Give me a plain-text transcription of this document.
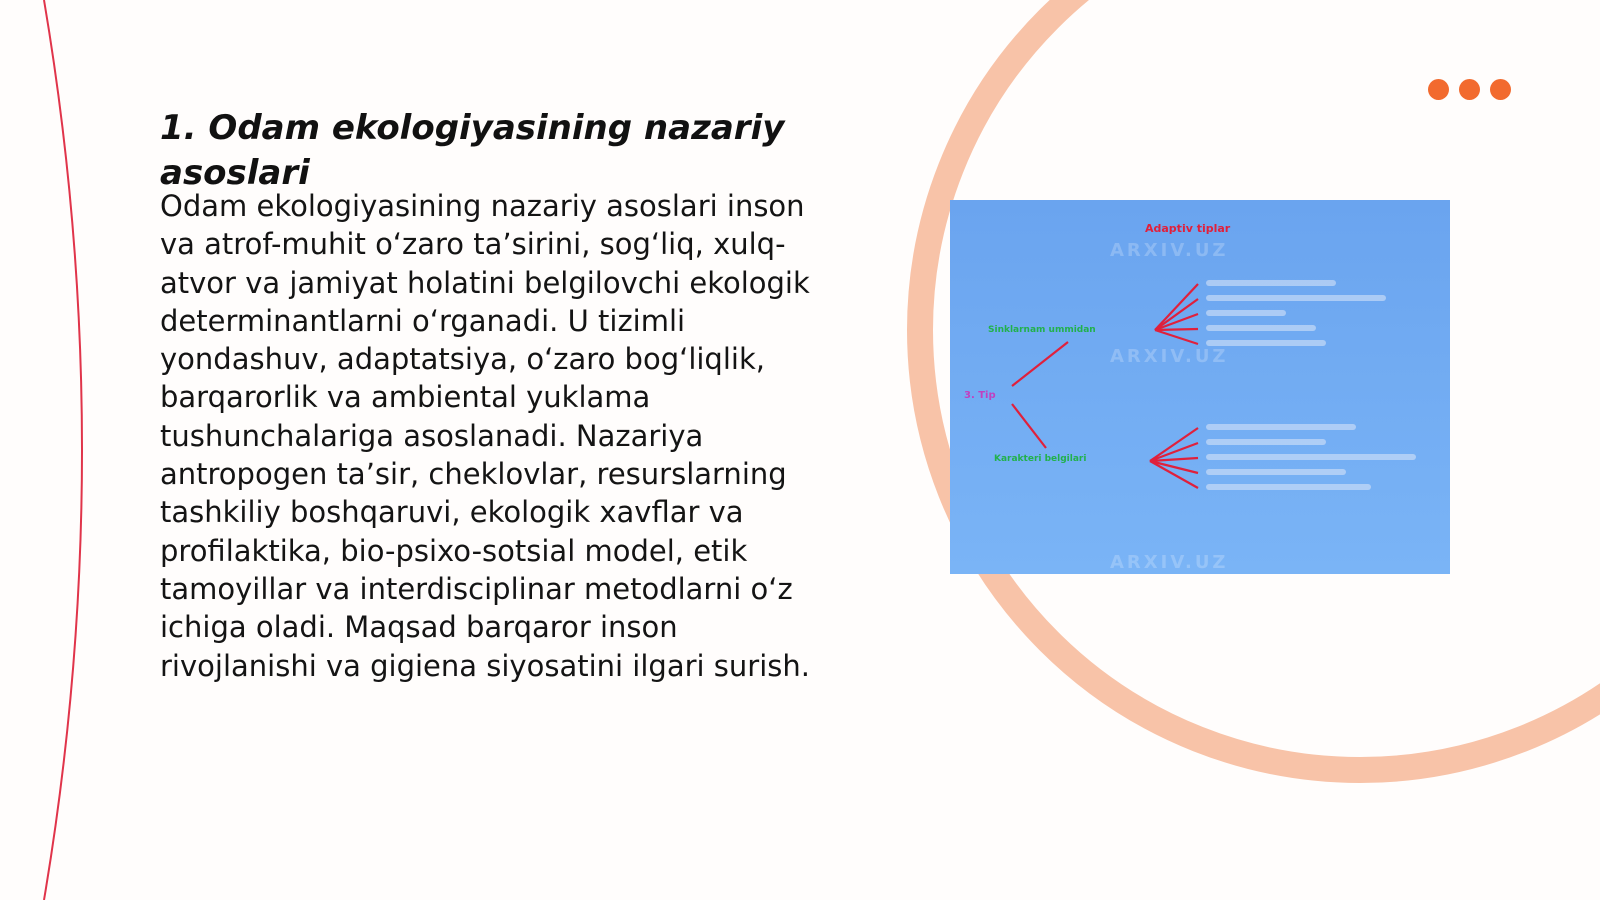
1. Odam ekologiyasining nazariy asoslari

Odam ekologiyasining nazariy asoslari inson va atrof-muhit o‘zaro ta’sirini, sog‘liq, xulq-atvor va jamiyat holatini belgilovchi ekologik determinantlarni o‘rganadi. U tizimli yondashuv, adaptatsiya, o‘zaro bog‘liqlik, barqarorlik va ambiental yuklama tushunchalariga asoslanadi. Nazariya antropogen ta’sir, cheklovlar, resurslarning tashkiliy boshqaruvi, ekologik xavflar va profilaktika, bio-psixo-sotsial model, etik tamoyillar va interdisciplinar metodlarni o‘z ichiga oladi. Maqsad barqaror inson rivojlanishi va gigiena siyosatini ilgari surish.

ARXIV.UZ
ARXIV.UZ
ARXIV.UZ
Adaptiv tiplar
3. Tip
Sinklarnam ummidan
Karakteri belgilari
